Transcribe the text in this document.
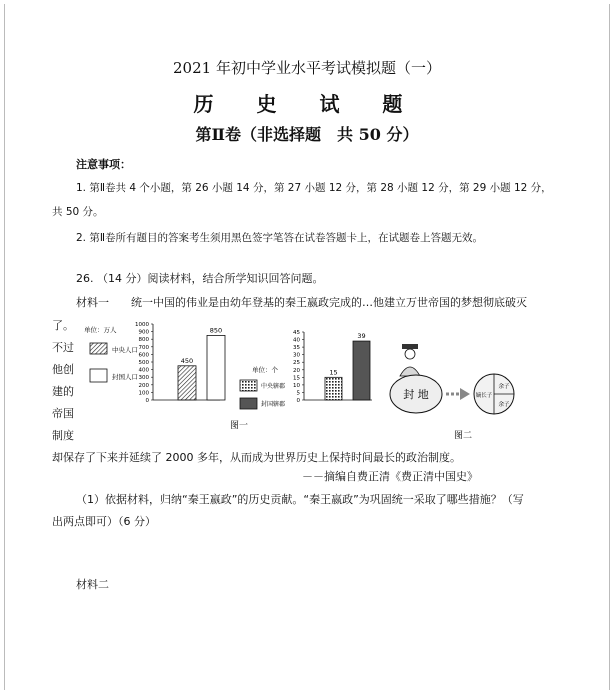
2021 年初中学业水平考试模拟题（一）
历 史 试 题
第Ⅱ卷（非选择题　共 50 分）
注意事项：
1. 第Ⅱ卷共 4 个小题，第 26 小题 14 分，第 27 小题 12 分，第 28 小题 12 分，第 29 小题 12 分，
共 50 分。
2. 第Ⅱ卷所有题目的答案考生须用黑色签字笔答在试卷答题卡上，在试题卷上答题无效。
26. （14 分）阅读材料，结合所学知识回答问题。
材料一　　统一中国的伟业是由幼年登基的秦王嬴政完成的…他建立万世帝国的梦想彻底破灭
了。
不过
他创
建的
帝国
制度
单位：万人
中央人口
封国人口
0
100
200
300
400
500
600
700
800
900
1000
450
850
单位：个
中央辖郡
封国辖郡 0
5
10
15
20
25
30
35
40
45
15
39
图一
封 地	嫡长子
余子
余子
图二
却保存了下来并延续了 2000 多年，从而成为世界历史上保持时间最长的政治制度。
－－摘编自费正清《费正清中国史》
（1）依据材料，归纳“秦王嬴政”的历史贡献。“秦王嬴政”为巩固统一采取了哪些措施？（写
出两点即可）（6 分）
材料二
